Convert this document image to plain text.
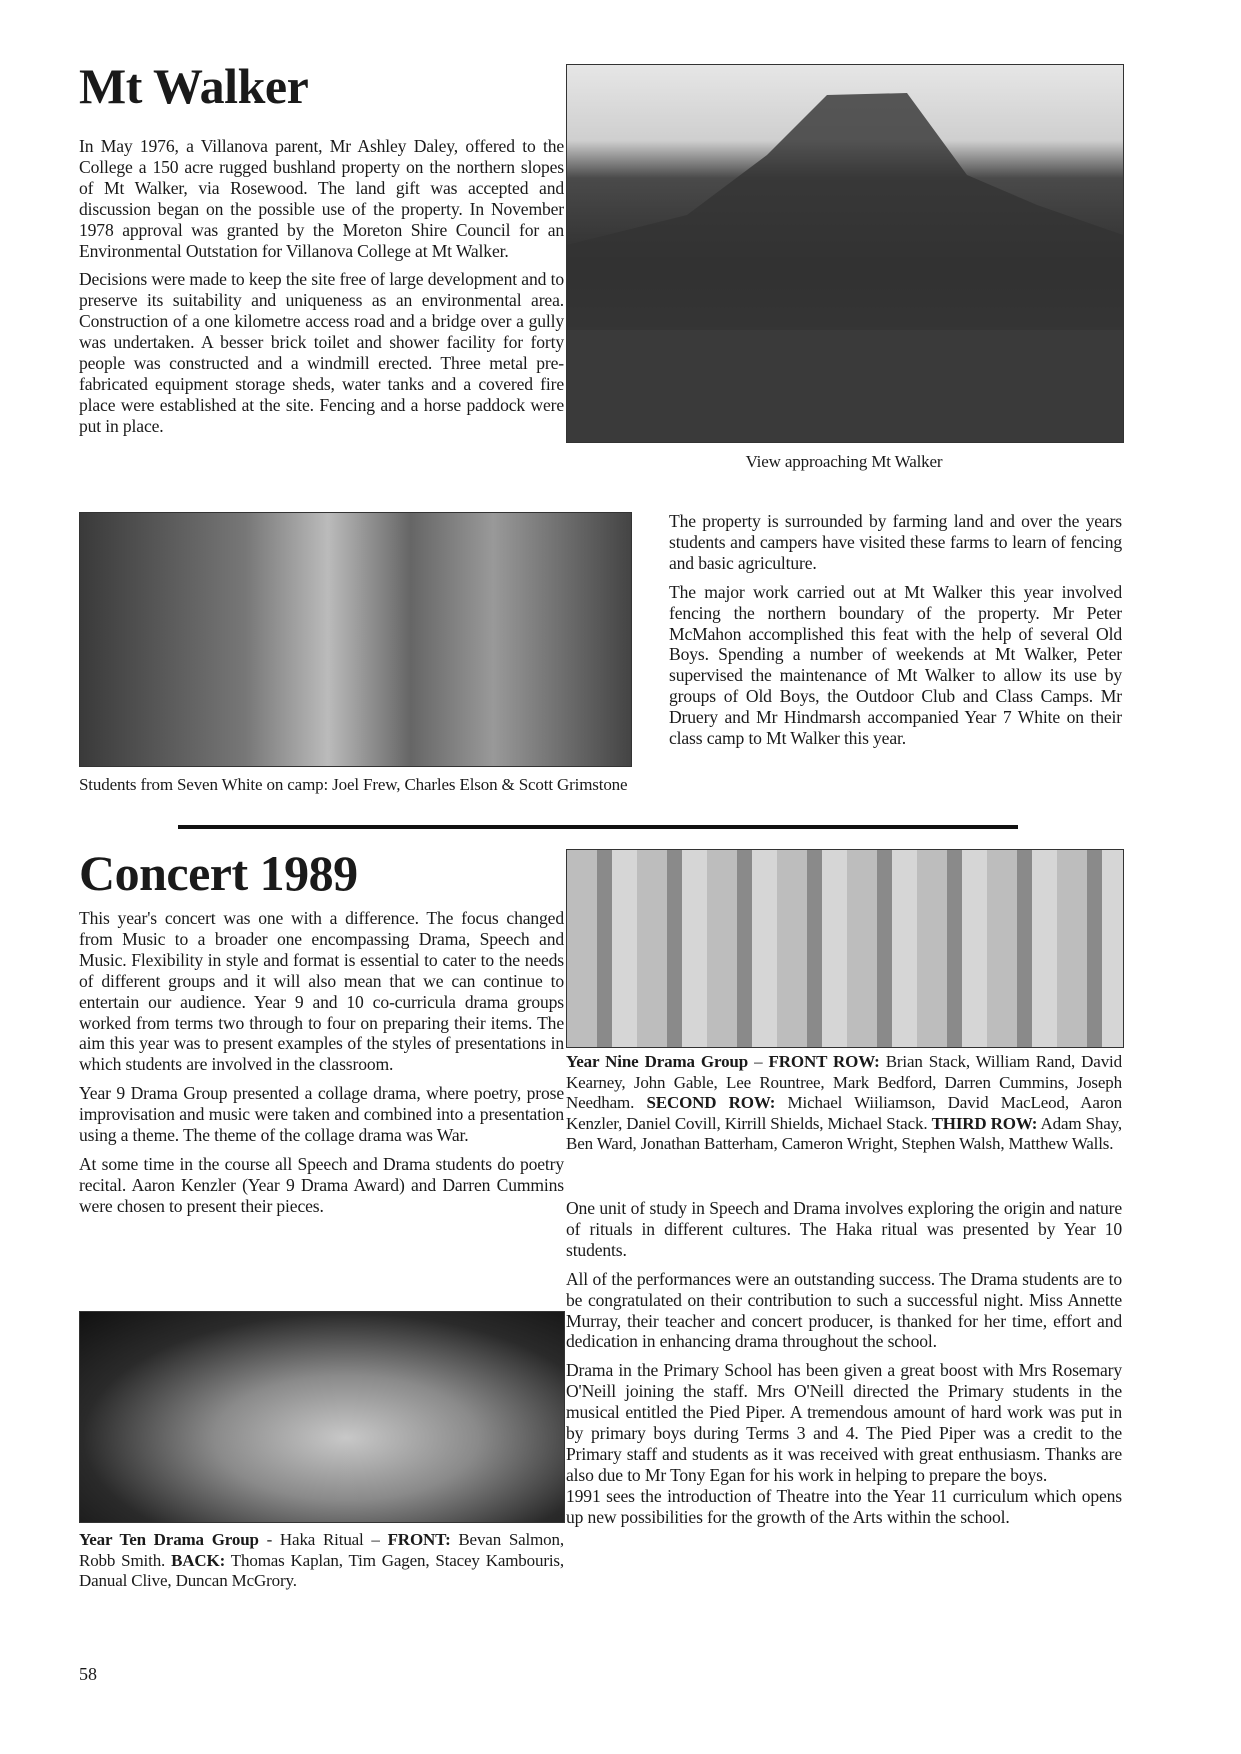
Mt Walker

In May 1976, a Villanova parent, Mr Ashley Daley, offered to the College a 150 acre rugged bushland property on the northern slopes of Mt Walker, via Rosewood. The land gift was accepted and discussion began on the possible use of the property. In November 1978 approval was granted by the Moreton Shire Council for an Environmental Outstation for Villanova College at Mt Walker.

Decisions were made to keep the site free of large development and to preserve its suitability and uniqueness as an environmental area. Construction of a one kilometre access road and a bridge over a gully was undertaken. A besser brick toilet and shower facility for forty people was constructed and a windmill erected. Three metal pre-fabricated equipment storage sheds, water tanks and a covered fire place were established at the site. Fencing and a horse paddock were put in place.

View approaching Mt Walker
Students from Seven White on camp: Joel Frew, Charles Elson & Scott Grimstone

The property is surrounded by farming land and over the years students and campers have visited these farms to learn of fencing and basic agriculture.

The major work carried out at Mt Walker this year involved fencing the northern boundary of the property. Mr Peter McMahon accomplished this feat with the help of several Old Boys. Spending a number of weekends at Mt Walker, Peter supervised the maintenance of Mt Walker to allow its use by groups of Old Boys, the Outdoor Club and Class Camps. Mr Druery and Mr Hindmarsh accompanied Year 7 White on their class camp to Mt Walker this year.

Concert 1989

This year's concert was one with a difference. The focus changed from Music to a broader one encompassing Drama, Speech and Music. Flexibility in style and format is essential to cater to the needs of different groups and it will also mean that we can continue to entertain our audience. Year 9 and 10 co-curricula drama groups worked from terms two through to four on preparing their items. The aim this year was to present examples of the styles of presentations in which students are involved in the classroom.

Year 9 Drama Group presented a collage drama, where poetry, prose improvisation and music were taken and combined into a presentation using a theme. The theme of the collage drama was War.

At some time in the course all Speech and Drama students do poetry recital. Aaron Kenzler (Year 9 Drama Award) and Darren Cummins were chosen to present their pieces.

Year Nine Drama Group – FRONT ROW: Brian Stack, William Rand, David Kearney, John Gable, Lee Rountree, Mark Bedford, Darren Cummins, Joseph Needham. SECOND ROW: Michael Wiiliamson, David MacLeod, Aaron Kenzler, Daniel Covill, Kirrill Shields, Michael Stack. THIRD ROW: Adam Shay, Ben Ward, Jonathan Batterham, Cameron Wright, Stephen Walsh, Matthew Walls.

One unit of study in Speech and Drama involves exploring the origin and nature of rituals in different cultures. The Haka ritual was presented by Year 10 students.

All of the performances were an outstanding success. The Drama students are to be congratulated on their contribution to such a successful night. Miss Annette Murray, their teacher and concert producer, is thanked for her time, effort and dedication in enhancing drama throughout the school.

Drama in the Primary School has been given a great boost with Mrs Rosemary O'Neill joining the staff. Mrs O'Neill directed the Primary students in the musical entitled the Pied Piper. A tremendous amount of hard work was put in by primary boys during Terms 3 and 4. The Pied Piper was a credit to the Primary staff and students as it was received with great enthusiasm. Thanks are also due to Mr Tony Egan for his work in helping to prepare the boys.

1991 sees the introduction of Theatre into the Year 11 curriculum which opens up new possibilities for the growth of the Arts within the school.

Year Ten Drama Group - Haka Ritual – FRONT: Bevan Salmon, Robb Smith. BACK: Thomas Kaplan, Tim Gagen, Stacey Kambouris, Danual Clive, Duncan McGrory.
58
